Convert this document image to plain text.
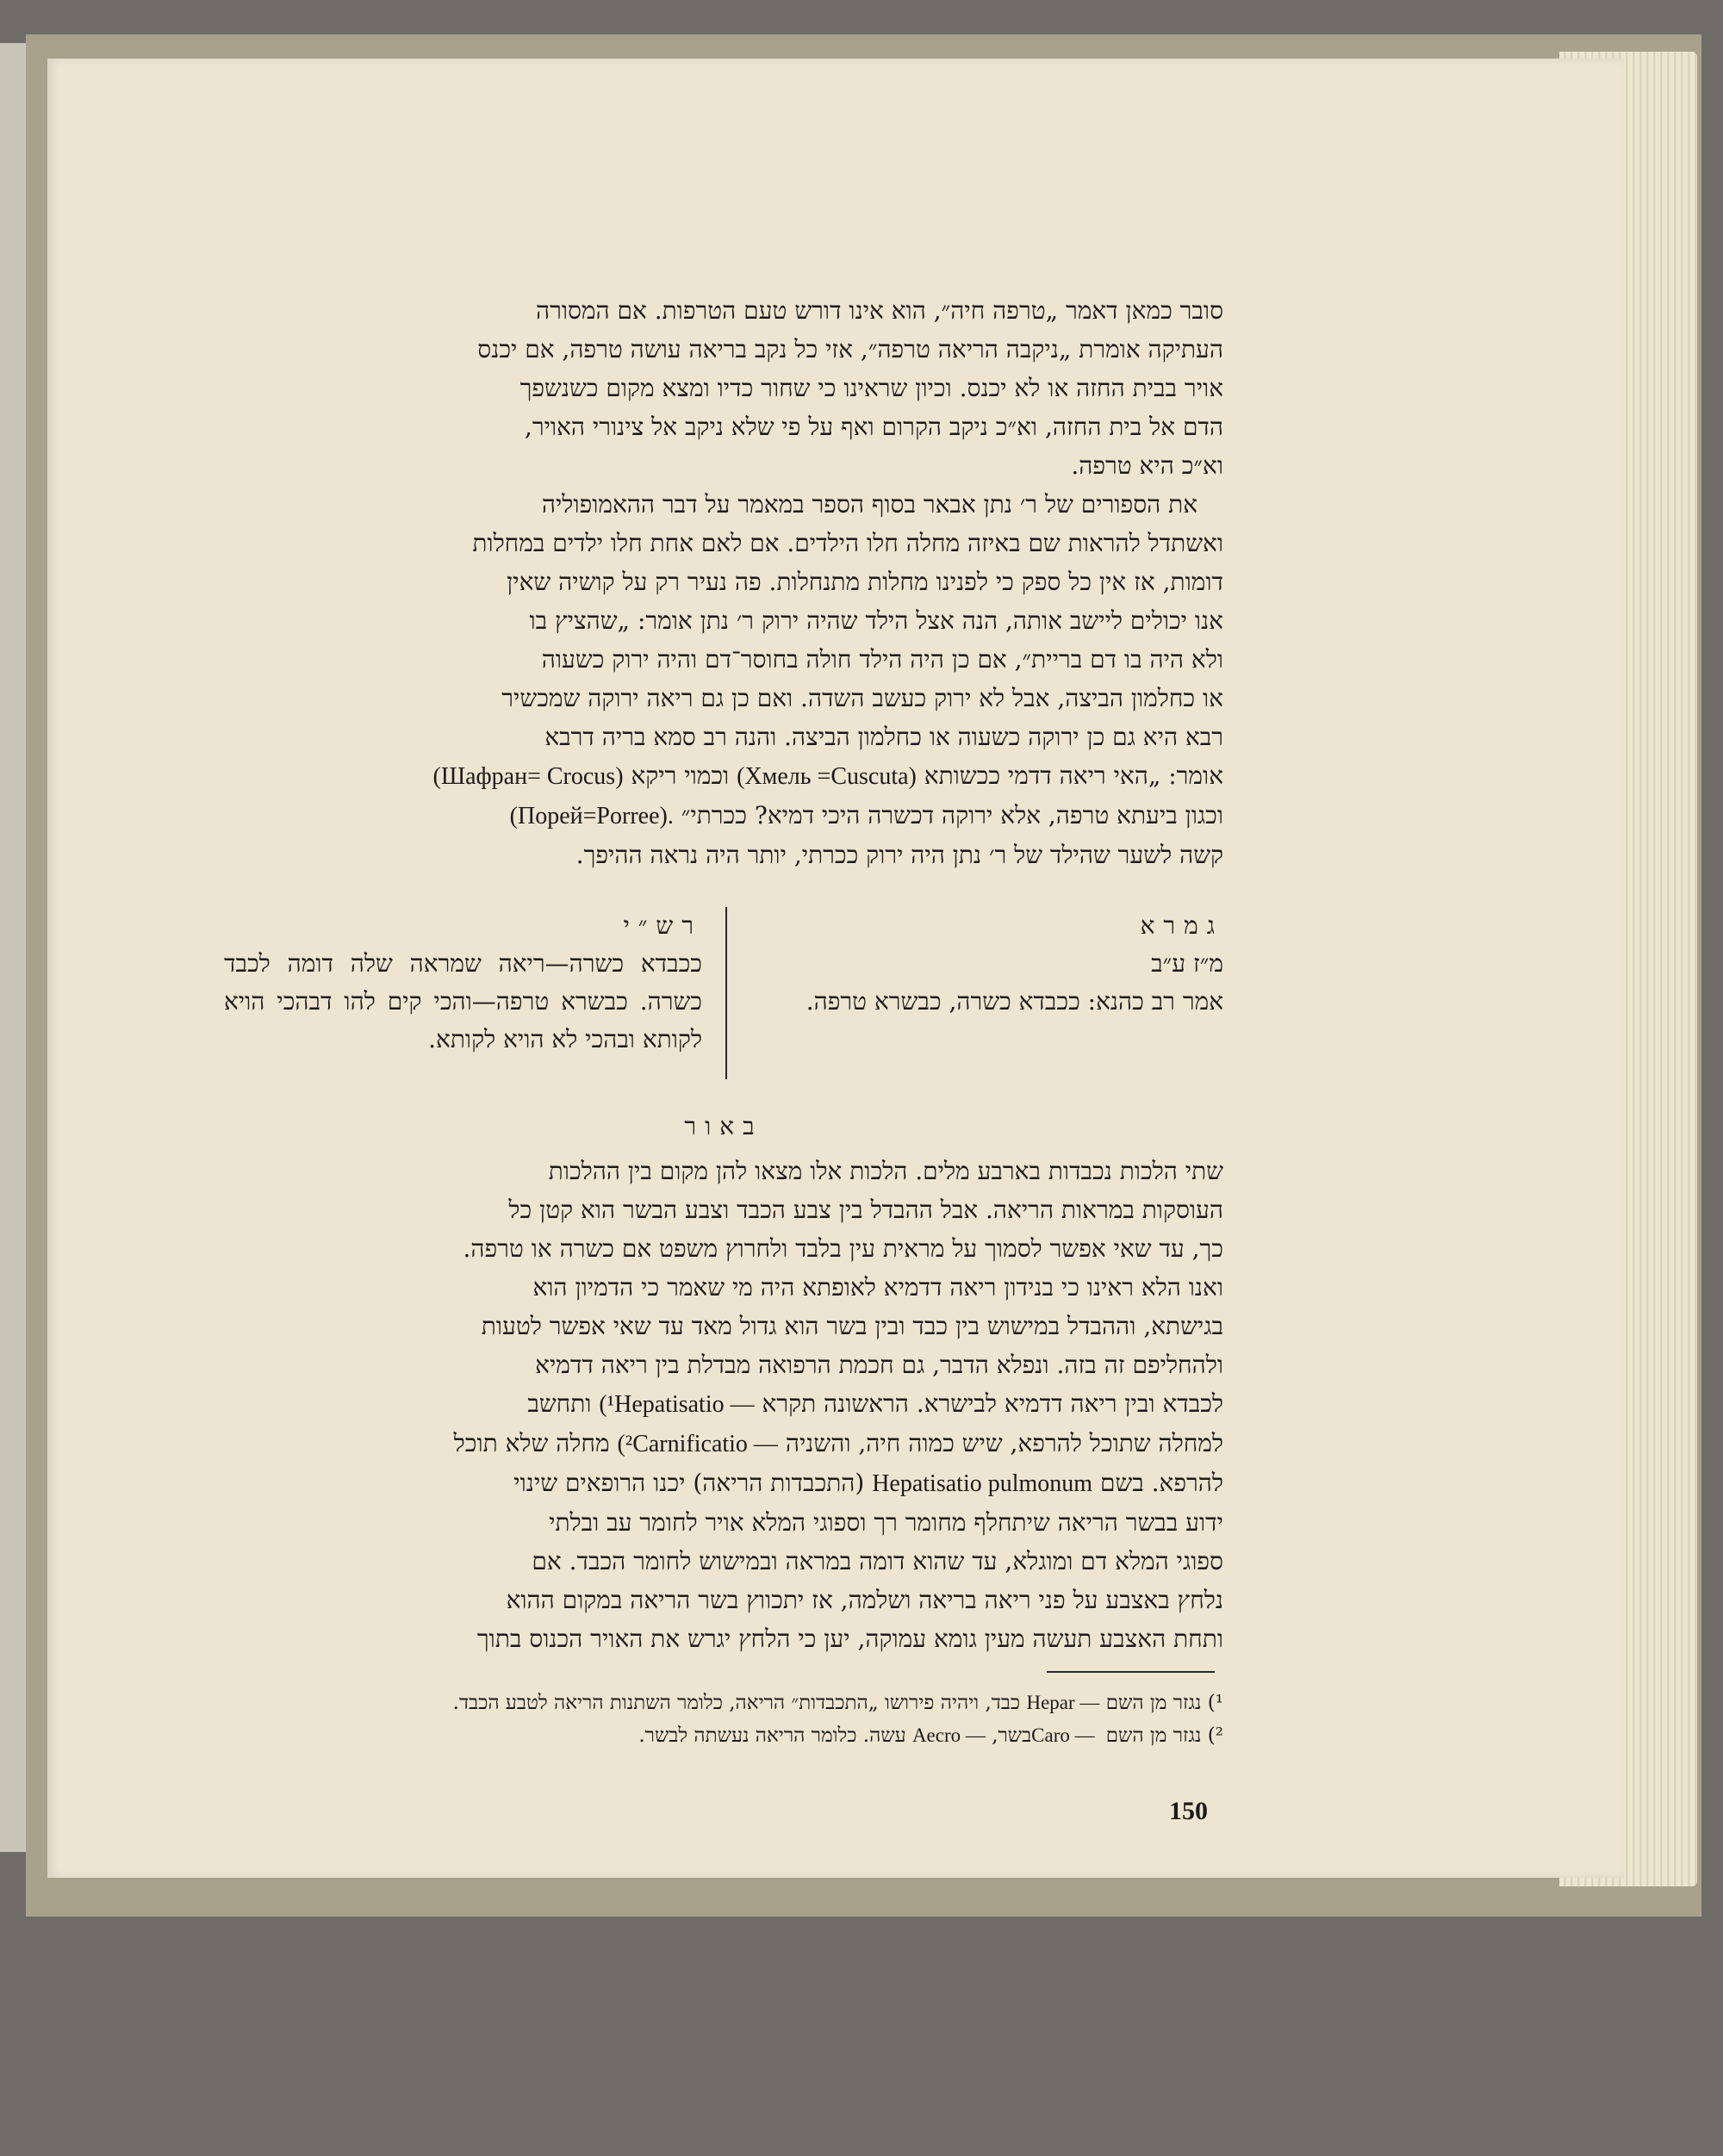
סובר כמאן דאמר „טרפה חיה״, הוא אינו דורש טעם הטרפות. אם המסורה

העתיקה אומרת „ניקבה הריאה טרפה״, אזי כל נקב בריאה עושה טרפה, אם יכנס

אויר בבית החזה או לא יכנס. וכיון שראינו כי שחור כדיו ומצא מקום כשנשפך

הדם אל בית החזה, וא״כ ניקב הקרום ואף על פי שלא ניקב אל צינורי האויר,

וא״כ היא טרפה.

את הספורים של ר׳ נתן אבאר בסוף הספר במאמר על דבר ההאמופוליה

ואשתדל להראות שם באיזה מחלה חלו הילדים. אם לאם אחת חלו ילדים במחלות

דומות, אז אין כל ספק כי לפנינו מחלות מתנחלות. פה נעיר רק על קושיה שאין

אנו יכולים ליישב אותה, הנה אצל הילד שהיה ירוק ר׳ נתן אומר: „שהציץ בו

ולא היה בו דם בריית״, אם כן היה הילד חולה בחוסר־דם והיה ירוק כשעוה

או כחלמון הביצה, אבל לא ירוק כעשב השדה. ואם כן גם ריאה ירוקה שמכשיר

רבא היא גם כן ירוקה כשעוה או כחלמון הביצה. והנה רב סמא בריה דרבא

אומר: „האי ריאה דדמי ככשותא (Хмель =Cuscuta) וכמוי ריקא (Шафран= Crocus)

וכגון ביעתא טרפה, אלא ירוקה דכשרה היכי דמיא? ככרתי״ (Порей=Porree).

קשה לשער שהילד של ר׳ נתן היה ירוק ככרתי, יותר היה נראה ההיפך.

גמרא

מ״ז ע״ב

אמר רב כהנא: ככבדא כשרה, כבשרא טרפה.

רש״י

ככבדא כשרה—ריאה שמראה שלה דומה לכבד כשרה. כבשרא טרפה—והכי קים להו דבהכי הויא לקותא ובהכי לא הויא לקותא.

באור

שתי הלכות נכבדות בארבע מלים. הלכות אלו מצאו להן מקום בין ההלכות

העוסקות במראות הריאה. אבל ההבדל בין צבע הכבד וצבע הבשר הוא קטן כל

כך, עד שאי אפשר לסמוך על מראית עין בלבד ולחרוץ משפט אם כשרה או טרפה.

ואנו הלא ראינו כי בנידון ריאה דדמיא לאופתא היה מי שאמר כי הדמיון הוא

בגישתא, וההבדל במישוש בין כבד ובין בשר הוא גדול מאד עד שאי אפשר לטעות

ולהחליפם זה בזה. ונפלא הדבר, גם חכמת הרפואה מבדלת בין ריאה דדמיא

לכבדא ובין ריאה דדמיא לבישרא. הראשונה תקרא (¹Hepatisatio — ותחשב

למחלה שתוכל להרפא, שיש כמוה חיה, והשניה (²Carnificatio — מחלה שלא תוכל

להרפא. בשם Hepatisatio pulmonum (התכבדות הריאה) יכנו הרופאים שינוי

ידוע בבשר הריאה שיתחלף מחומר רך וספוגי המלא אויר לחומר עב ובלתי

ספוגי המלא דם ומוגלא, עד שהוא דומה במראה ובמישוש לחומר הכבד. אם

נלחץ באצבע על פני ריאה בריאה ושלמה, אז יתכווץ בשר הריאה במקום ההוא

ותחת האצבע תעשה מעין גומא עמוקה, יען כי הלחץ יגרש את האויר הכנוס בתוך

¹) נגזר מן השם Hepar — כבד, ויהיה פירושו „התכבדות״ הריאה, כלומר השתנות הריאה לטבע הכבד.

²) נגזר מן השם Caro — בשר, Aecro — עשה. כלומר הריאה נעשתה לבשר.

150
